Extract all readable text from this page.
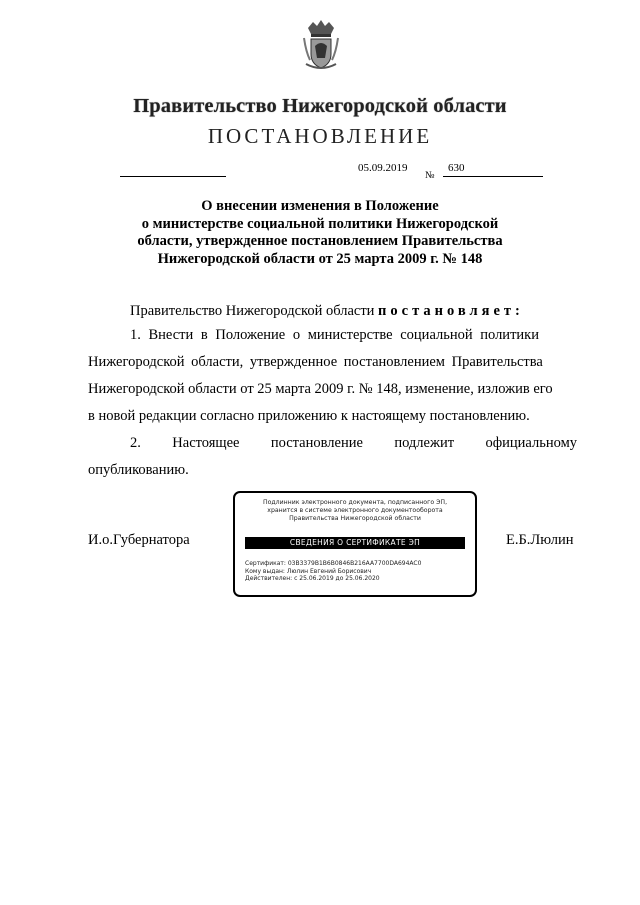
Правительство Нижегородской области
ПОСТАНОВЛЕНИЕ
05.09.2019
№
630
О внесении изменения в Положение
о министерстве социальной политики Нижегородской
области, утвержденное постановлением Правительства
Нижегородской области от 25 марта 2009 г. № 148
Правительство Нижегородской области постановляет:
1. Внести в Положение о министерстве социальной политики
Нижегородской области, утвержденное постановлением Правительства
Нижегородской области от 25 марта 2009 г. № 148, изменение, изложив его
в новой редакции согласно приложению к настоящему постановлению.
2. Настоящее постановление подлежит официальному
опубликованию.
И.о.Губернатора	Е.Б.Люлин
Подлинник электронного документа, подписанного ЭП,
хранится в системе электронного документооборота
Правительства Нижегородской области
СВЕДЕНИЯ О СЕРТИФИКАТЕ ЭП
Сертификат: 03B3379B1B6B0846B216AA7700DA694AC0
Кому выдан: Люлин Евгений Борисович
Действителен: с 25.06.2019 до 25.06.2020
